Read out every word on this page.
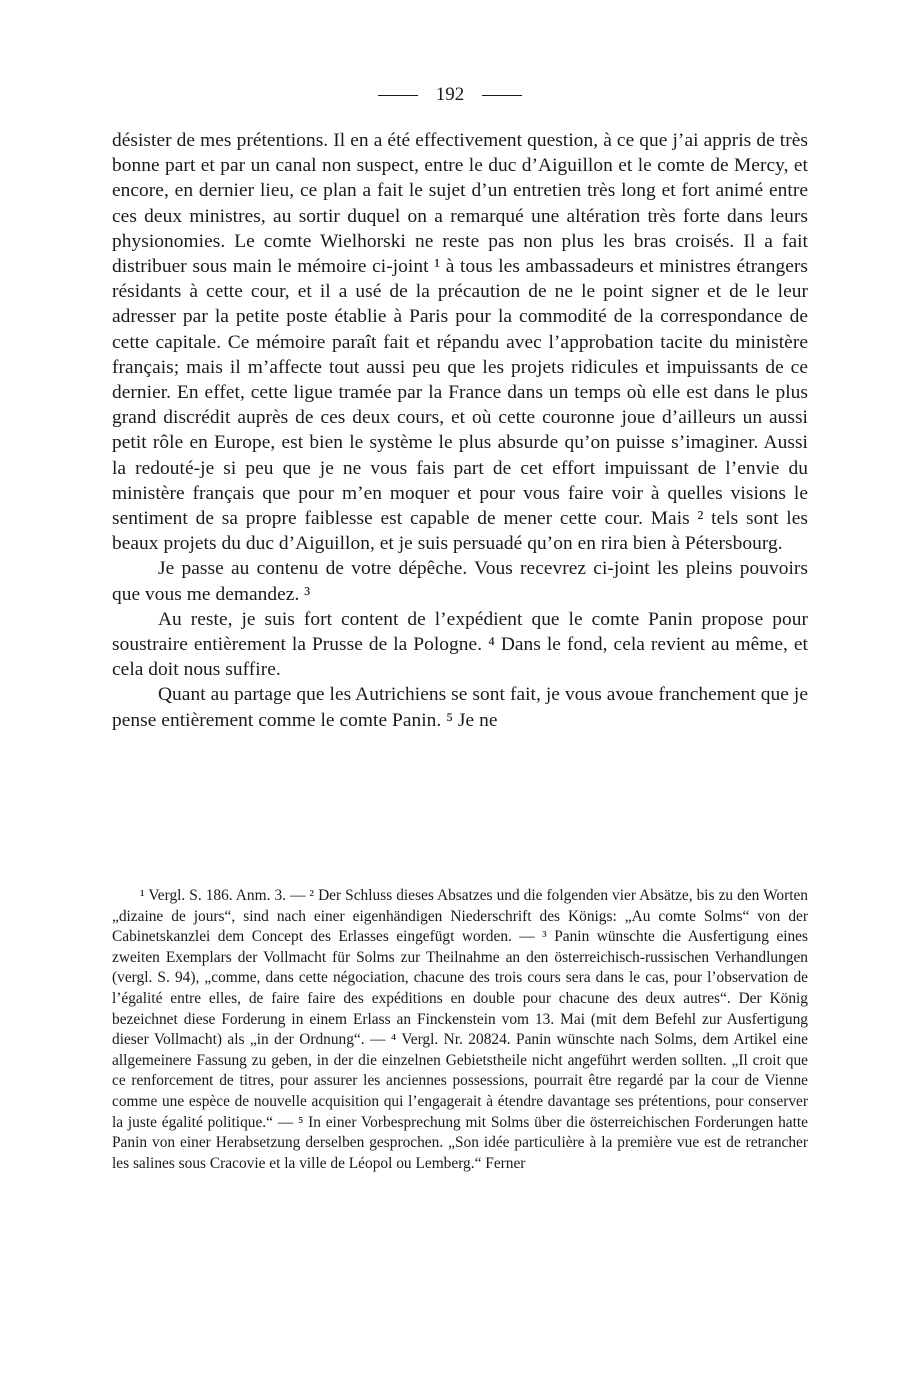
192

désister de mes prétentions. Il en a été effectivement question, à ce que j’ai appris de très bonne part et par un canal non suspect, entre le duc d’Aiguillon et le comte de Mercy, et encore, en dernier lieu, ce plan a fait le sujet d’un entretien très long et fort animé entre ces deux ministres, au sortir duquel on a remarqué une altération très forte dans leurs physionomies. Le comte Wielhorski ne reste pas non plus les bras croisés. Il a fait distribuer sous main le mémoire ci-joint ¹ à tous les ambassadeurs et ministres étrangers résidants à cette cour, et il a usé de la précaution de ne le point signer et de le leur adresser par la petite poste établie à Paris pour la commodité de la correspondance de cette capitale. Ce mémoire paraît fait et répandu avec l’approbation tacite du ministère français; mais il m’affecte tout aussi peu que les projets ridicules et impuissants de ce dernier. En effet, cette ligue tramée par la France dans un temps où elle est dans le plus grand discrédit auprès de ces deux cours, et où cette couronne joue d’ailleurs un aussi petit rôle en Europe, est bien le système le plus absurde qu’on puisse s’imaginer. Aussi la redouté-je si peu que je ne vous fais part de cet effort impuissant de l’envie du ministère français que pour m’en moquer et pour vous faire voir à quelles visions le sentiment de sa propre faiblesse est capable de mener cette cour. Mais ² tels sont les beaux projets du duc d’Aiguillon, et je suis persuadé qu’on en rira bien à Pétersbourg.

Je passe au contenu de votre dépêche. Vous recevrez ci-joint les pleins pouvoirs que vous me demandez. ³

Au reste, je suis fort content de l’expédient que le comte Panin propose pour soustraire entièrement la Prusse de la Pologne. ⁴ Dans le fond, cela revient au même, et cela doit nous suffire.

Quant au partage que les Autrichiens se sont fait, je vous avoue franchement que je pense entièrement comme le comte Panin. ⁵ Je ne

¹ Vergl. S. 186. Anm. 3. — ² Der Schluss dieses Absatzes und die folgenden vier Absätze, bis zu den Worten „dizaine de jours“, sind nach einer eigenhändigen Niederschrift des Königs: „Au comte Solms“ von der Cabinetskanzlei dem Concept des Erlasses eingefügt worden. — ³ Panin wünschte die Ausfertigung eines zweiten Exemplars der Vollmacht für Solms zur Theilnahme an den österreichisch-russischen Verhandlungen (vergl. S. 94), „comme, dans cette négociation, chacune des trois cours sera dans le cas, pour l’observation de l’égalité entre elles, de faire faire des expéditions en double pour chacune des deux autres“. Der König bezeichnet diese Forderung in einem Erlass an Finckenstein vom 13. Mai (mit dem Befehl zur Ausfertigung dieser Vollmacht) als „in der Ordnung“. — ⁴ Vergl. Nr. 20824. Panin wünschte nach Solms, dem Artikel eine allgemeinere Fassung zu geben, in der die einzelnen Gebietstheile nicht angeführt werden sollten. „Il croit que ce renforcement de titres, pour assurer les anciennes possessions, pourrait être regardé par la cour de Vienne comme une espèce de nouvelle acquisition qui l’engagerait à étendre davantage ses prétentions, pour conserver la juste égalité politique.“ — ⁵ In einer Vorbesprechung mit Solms über die österreichischen Forderungen hatte Panin von einer Herabsetzung derselben gesprochen. „Son idée particulière à la première vue est de retrancher les salines sous Cracovie et la ville de Léopol ou Lemberg.“ Ferner
